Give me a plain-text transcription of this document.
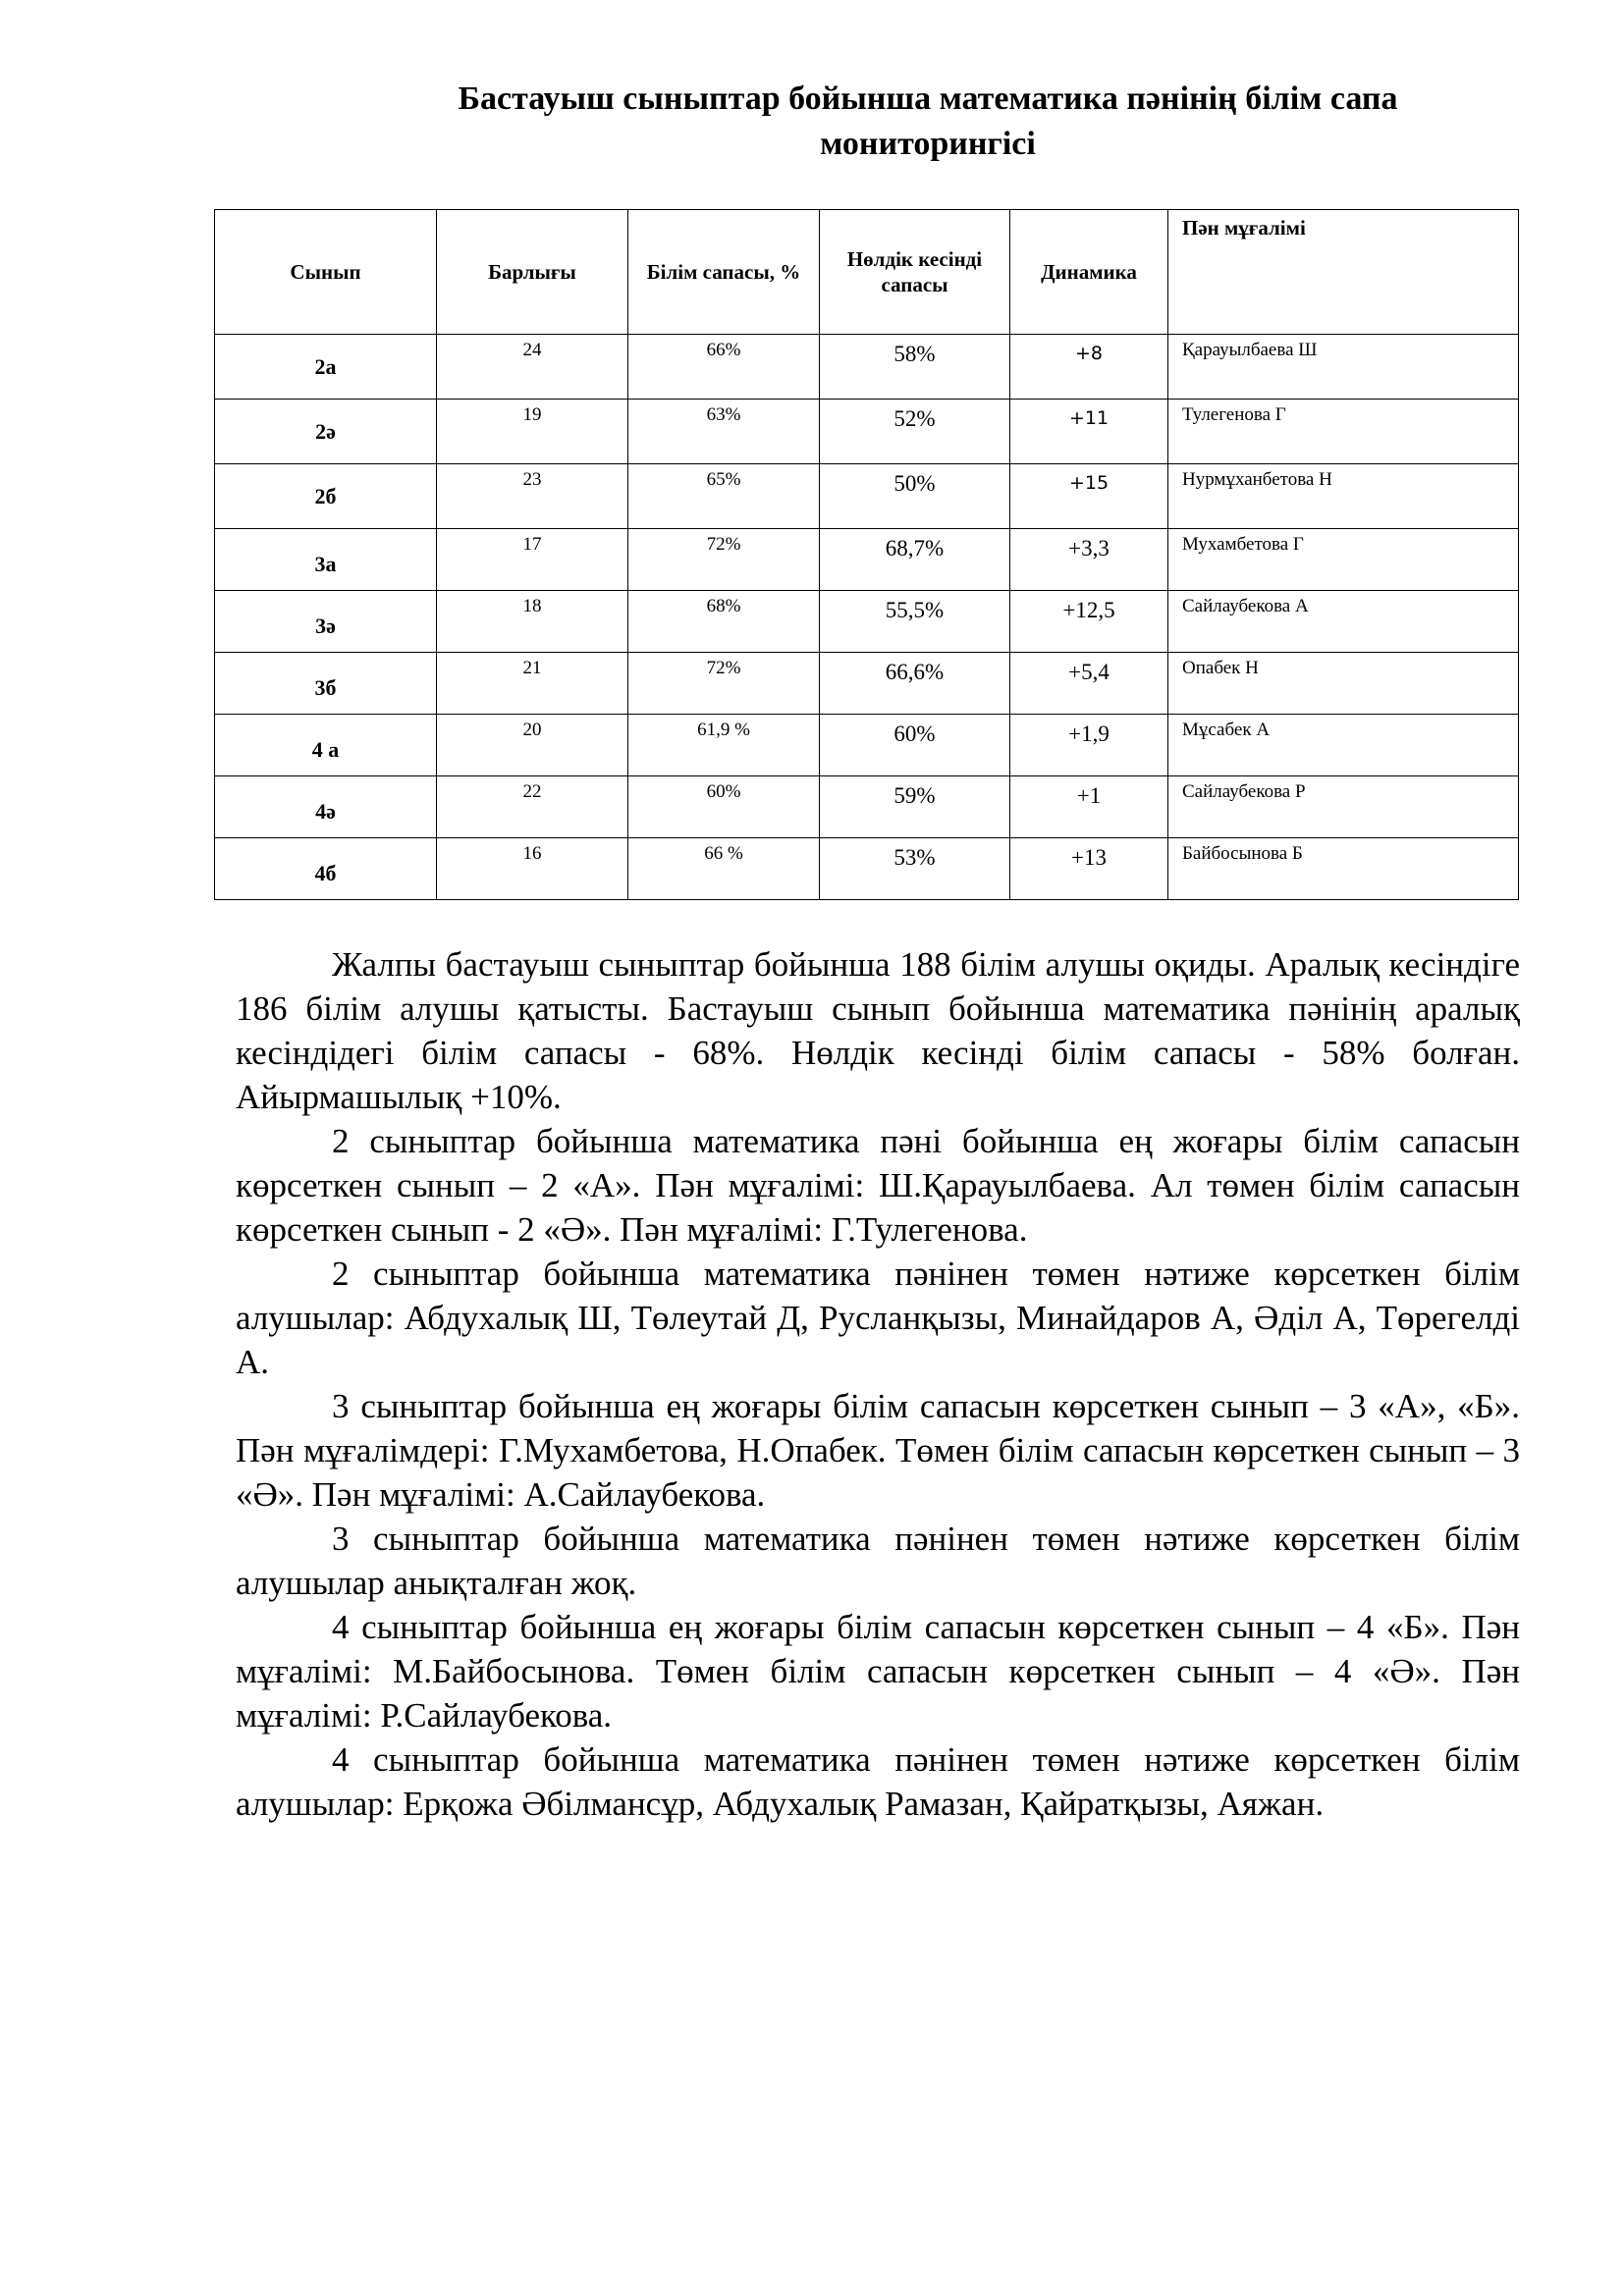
Бастауыш сыныптар бойынша математика пәнінің білім сапа
мониторингісі
Сынып	Барлығы	Білім сапасы, %	Нөлдік кесінді сапасы	Динамика	Пән мұғалімі
2а	24	66%	58%	+8	Қарауылбаева Ш
2ә	19	63%	52%	+11	Тулегенова Г
2б	23	65%	50%	+15	Нурмұханбетова Н
3а	17	72%	68,7%	+3,3	Мухамбетова Г
3ә	18	68%	55,5%	+12,5	Сайлаубекова А
3б	21	72%	66,6%	+5,4	Опабек Н
4 а	20	61,9 %	60%	+1,9	Мұсабек А
4ә	22	60%	59%	+1	Сайлаубекова Р
4б	16	66 %	53%	+13	Байбосынова Б

Жалпы бастауыш сыныптар бойынша 188 білім алушы оқиды. Аралық кесіндіге 186 білім алушы қатысты. Бастауыш сынып бойынша математика пәнінің аралық кесіндідегі білім сапасы - 68%. Нөлдік кесінді білім сапасы - 58% болған. Айырмашылық +10%.

2 сыныптар бойынша математика пәні бойынша ең жоғары білім сапасын көрсеткен сынып – 2 «А». Пән мұғалімі: Ш.Қарауылбаева. Ал төмен білім сапасын көрсеткен сынып - 2 «Ә». Пән мұғалімі: Г.Тулегенова.

2 сыныптар бойынша математика пәнінен төмен нәтиже көрсеткен білім алушылар: Абдухалық Ш, Төлеутай Д, Русланқызы, Минайдаров А, Әділ А, Төрегелді А.

3 сыныптар бойынша ең жоғары білім сапасын көрсеткен сынып – 3 «А», «Б». Пән мұғалімдері: Г.Мухамбетова, Н.Опабек. Төмен білім сапасын көрсеткен сынып – 3 «Ә». Пән мұғалімі: А.Сайлаубекова.

3 сыныптар бойынша математика пәнінен төмен нәтиже көрсеткен білім алушылар анықталған жоқ.

4 сыныптар бойынша ең жоғары білім сапасын көрсеткен сынып – 4 «Б». Пән мұғалімі: М.Байбосынова. Төмен білім сапасын көрсеткен сынып – 4 «Ә». Пән мұғалімі: Р.Сайлаубекова.

4 сыныптар бойынша математика пәнінен төмен нәтиже көрсеткен білім алушылар: Ерқожа Әбілмансұр, Абдухалық Рамазан, Қайратқызы, Аяжан.
